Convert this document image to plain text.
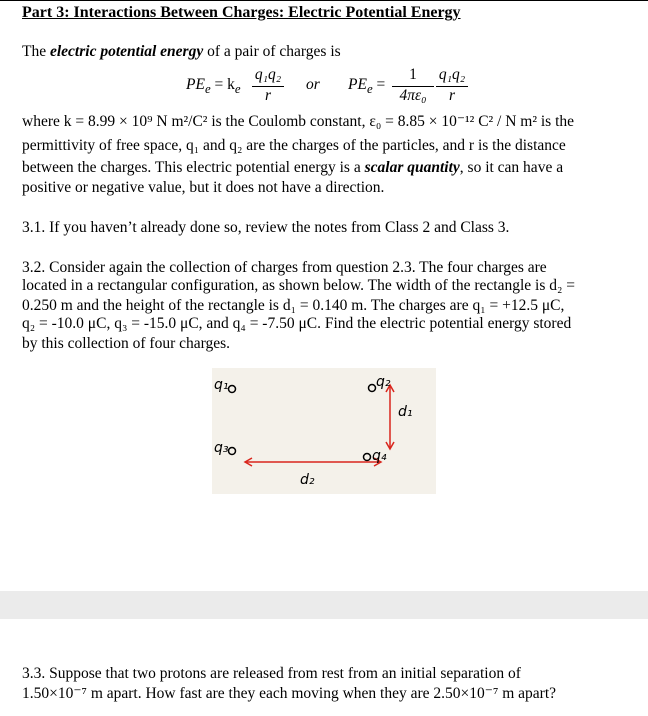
Part 3: Interactions Between Charges: Electric Potential Energy
The electric potential energy of a pair of charges is
$PE_e = k_e$
q₁q₂
r
or $PE_e$ =
1
4πε₀
q₁q₂
r
where k = 8.99 × 10⁹ N m²/C² is the Coulomb constant, ε₀ = 8.85 × 10⁻¹² C² / N m² is the
permittivity of free space, q₁ and q₂ are the charges of the particles, and r is the distance
between the charges. This electric potential energy is a scalar quantity, so it can have a
positive or negative value, but it does not have a direction.
3.1. If you haven’t already done so, review the notes from Class 2 and Class 3.
3.2. Consider again the collection of charges from question 2.3. The four charges are
located in a rectangular configuration, as shown below. The width of the rectangle is d₂ =
0.250 m and the height of the rectangle is d₁ = 0.140 m. The charges are q₁ = +12.5 μC,
q₂ = -10.0 μC, q₃ = -15.0 μC, and q₄ = -7.50 μC. Find the electric potential energy stored
by this collection of four charges.
q₁	q₂
q₃	q₄
d₁
d₂
3.3. Suppose that two protons are released from rest from an initial separation of
1.50×10⁻⁷ m apart. How fast are they each moving when they are 2.50×10⁻⁷ m apart?
